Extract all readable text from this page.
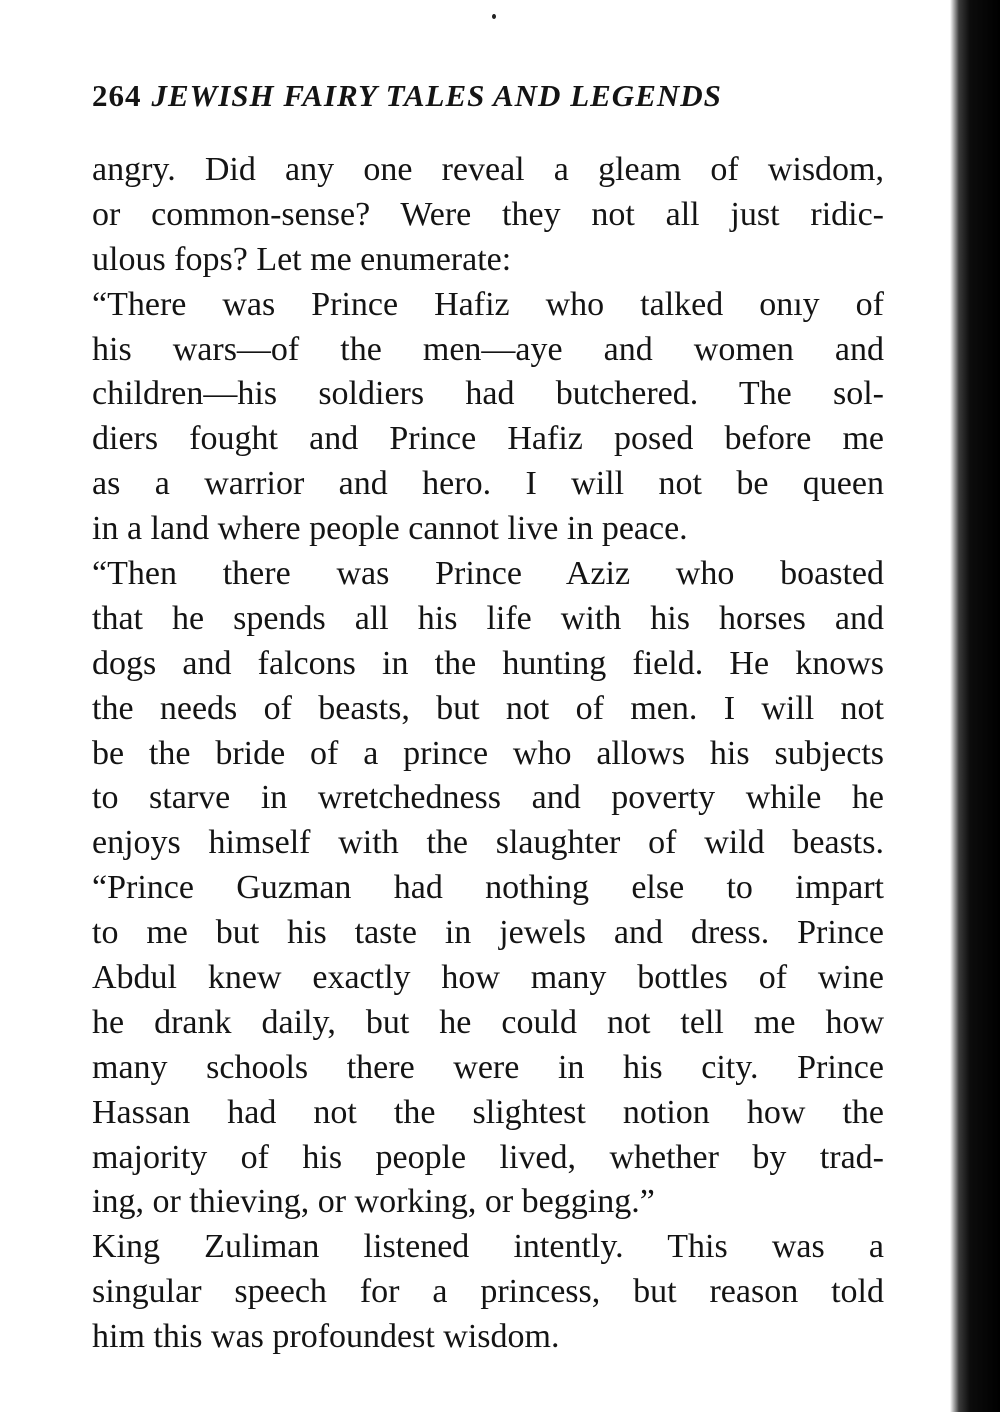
264 JEWISH FAIRY TALES AND LEGENDS
angry. Did any one reveal a gleam of wisdom,
or common-sense? Were they not all just ridic-
ulous fops? Let me enumerate:
“There was Prince Hafiz who talked onıy of
his wars—of the men—aye and women and
children—his soldiers had butchered. The sol-
diers fought and Prince Hafiz posed before me
as a warrior and hero. I will not be queen
in a land where people cannot live in peace.
“Then there was Prince Aziz who boasted
that he spends all his life with his horses and
dogs and falcons in the hunting field. He knows
the needs of beasts, but not of men. I will not
be the bride of a prince who allows his subjects
to starve in wretchedness and poverty while he
enjoys himself with the slaughter of wild beasts.
“Prince Guzman had nothing else to impart
to me but his taste in jewels and dress. Prince
Abdul knew exactly how many bottles of wine
he drank daily, but he could not tell me how
many schools there were in his city. Prince
Hassan had not the slightest notion how the
majority of his people lived, whether by trad-
ing, or thieving, or working, or begging.”
King Zuliman listened intently. This was a
singular speech for a princess, but reason told
him this was profoundest wisdom.
